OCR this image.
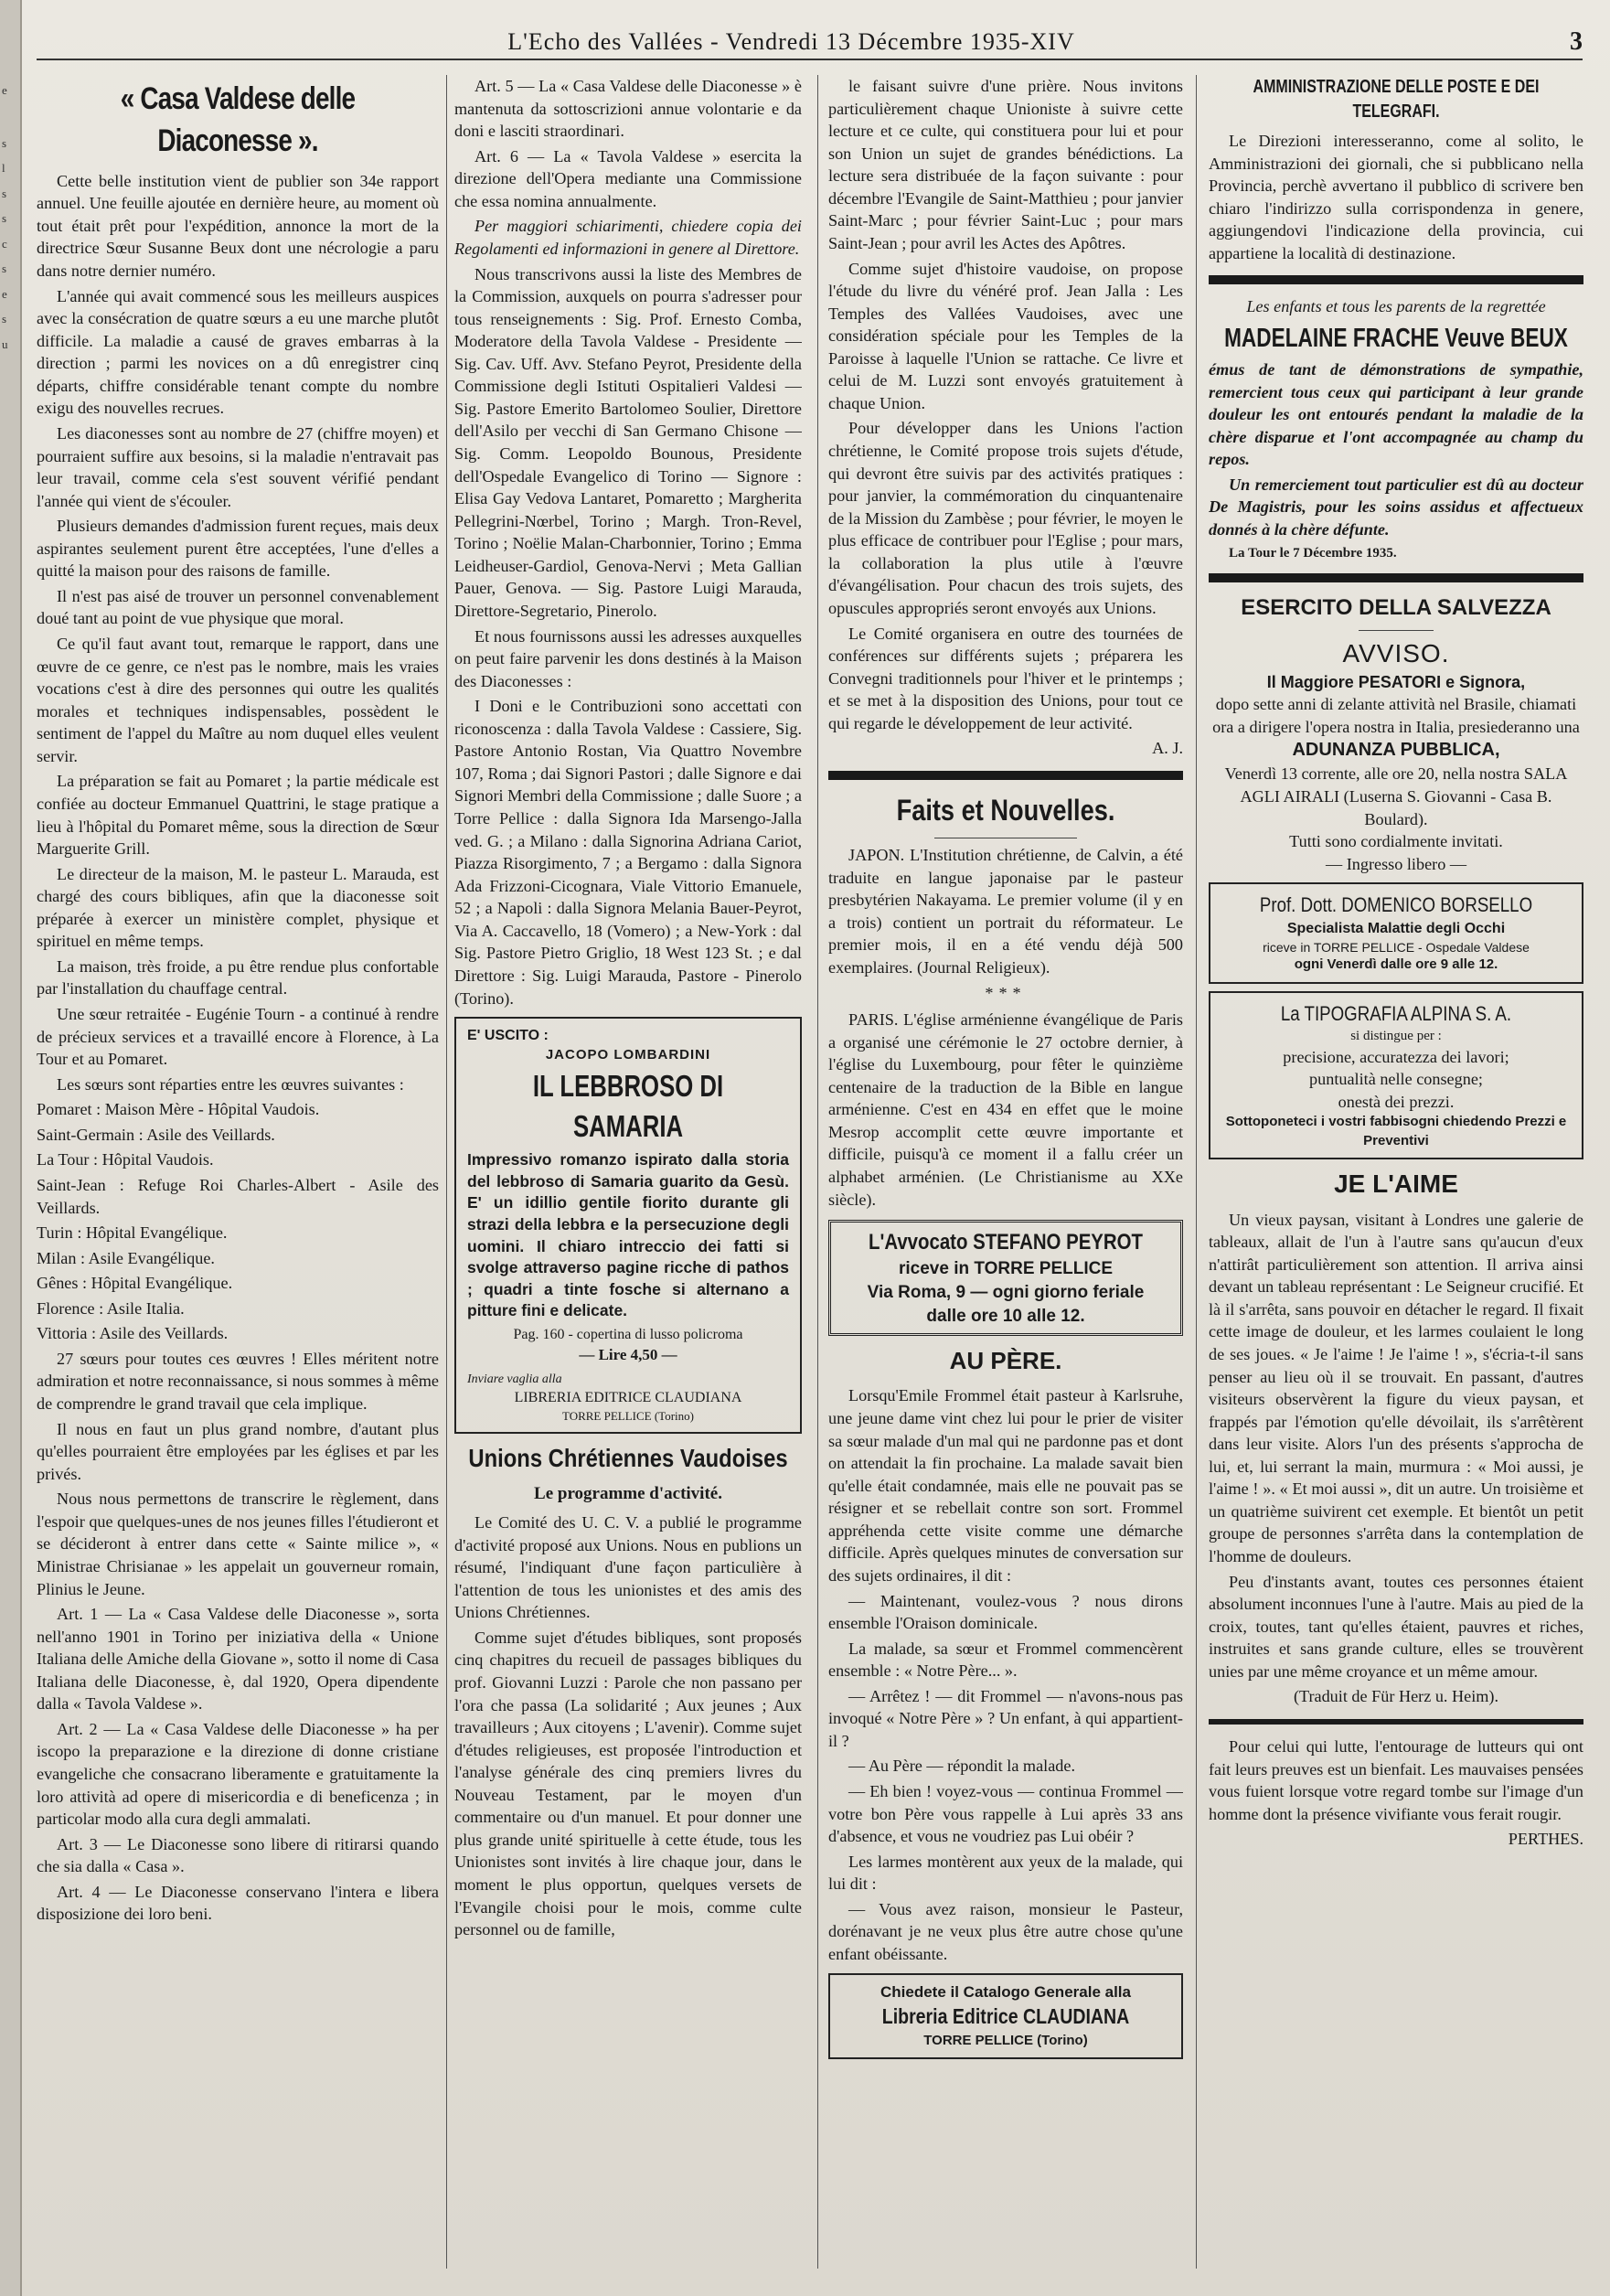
e
s
l
s
s
c
s
e
s
u
L'Echo des Vallées - Vendredi 13 Décembre 1935-XIV	3
« Casa Valdese delle Diaconesse ».

Cette belle institution vient de publier son 34e rapport annuel. Une feuille ajoutée en dernière heure, au moment où tout était prêt pour l'expédition, annonce la mort de la directrice Sœur Susanne Beux dont une nécrologie a paru dans notre dernier numéro.

L'année qui avait commencé sous les meilleurs auspices avec la consécration de quatre sœurs a eu une marche plutôt difficile. La maladie a causé de graves embarras à la direction ; parmi les novices on a dû enregistrer cinq départs, chiffre considérable tenant compte du nombre exigu des nouvelles recrues.

Les diaconesses sont au nombre de 27 (chiffre moyen) et pourraient suffire aux besoins, si la maladie n'entravait pas leur travail, comme cela s'est souvent vérifié pendant l'année qui vient de s'écouler.

Plusieurs demandes d'admission furent reçues, mais deux aspirantes seulement purent être acceptées, l'une d'elles a quitté la maison pour des raisons de famille.

Il n'est pas aisé de trouver un personnel convenablement doué tant au point de vue physique que moral.

Ce qu'il faut avant tout, remarque le rapport, dans une œuvre de ce genre, ce n'est pas le nombre, mais les vraies vocations c'est à dire des personnes qui outre les qualités morales et techniques indispensables, possèdent le sentiment de l'appel du Maître au nom duquel elles veulent servir.

La préparation se fait au Pomaret ; la partie médicale est confiée au docteur Emmanuel Quattrini, le stage pratique a lieu à l'hôpital du Pomaret même, sous la direction de Sœur Marguerite Grill.

Le directeur de la maison, M. le pasteur L. Marauda, est chargé des cours bibliques, afin que la diaconesse soit préparée à exercer un ministère complet, physique et spirituel en même temps.

La maison, très froide, a pu être rendue plus confortable par l'installation du chauffage central.

Une sœur retraitée - Eugénie Tourn - a continué à rendre de précieux services et a travaillé encore à Florence, à La Tour et au Pomaret.

Les sœurs sont réparties entre les œuvres suivantes :

Pomaret : Maison Mère - Hôpital Vaudois.

Saint-Germain : Asile des Veillards.

La Tour : Hôpital Vaudois.

Saint-Jean : Refuge Roi Charles-Albert - Asile des Veillards.

Turin : Hôpital Evangélique.

Milan : Asile Evangélique.

Gênes : Hôpital Evangélique.

Florence : Asile Italia.

Vittoria : Asile des Veillards.

27 sœurs pour toutes ces œuvres ! Elles méritent notre admiration et notre reconnaissance, si nous sommes à même de comprendre le grand travail que cela implique.

Il nous en faut un plus grand nombre, d'autant plus qu'elles pourraient être employées par les églises et par les privés.

Nous nous permettons de transcrire le règlement, dans l'espoir que quelques-unes de nos jeunes filles l'étudieront et se décideront à entrer dans cette « Sainte milice », « Ministrae Chrisianae » les appelait un gouverneur romain, Plinius le Jeune.

Art. 1 — La « Casa Valdese delle Diaconesse », sorta nell'anno 1901 in Torino per iniziativa della « Unione Italiana delle Amiche della Giovane », sotto il nome di Casa Italiana delle Diaconesse, è, dal 1920, Opera dipendente dalla « Tavola Valdese ».

Art. 2 — La « Casa Valdese delle Diaconesse » ha per iscopo la preparazione e la direzione di donne cristiane evangeliche che consacrano liberamente e gratuitamente la loro attività ad opere di misericordia e di beneficenza ; in particolar modo alla cura degli ammalati.

Art. 3 — Le Diaconesse sono libere di ritirarsi quando che sia dalla « Casa ».

Art. 4 — Le Diaconesse conservano l'intera e libera disposizione dei loro beni.

Art. 5 — La « Casa Valdese delle Diaconesse » è mantenuta da sottoscrizioni annue volontarie e da doni e lasciti straordinari.

Art. 6 — La « Tavola Valdese » esercita la direzione dell'Opera mediante una Commissione che essa nomina annualmente.

Per maggiori schiarimenti, chiedere copia dei Regolamenti ed informazioni in genere al Direttore.

Nous transcrivons aussi la liste des Membres de la Commission, auxquels on pourra s'adresser pour tous renseignements : Sig. Prof. Ernesto Comba, Moderatore della Tavola Valdese - Presidente — Sig. Cav. Uff. Avv. Stefano Peyrot, Presidente della Commissione degli Istituti Ospitalieri Valdesi — Sig. Pastore Emerito Bartolomeo Soulier, Direttore dell'Asilo per vecchi di San Germano Chisone — Sig. Comm. Leopoldo Bounous, Presidente dell'Ospedale Evangelico di Torino — Signore : Elisa Gay Vedova Lantaret, Pomaretto ; Margherita Pellegrini-Nœrbel, Torino ; Margh. Tron-Revel, Torino ; Noëlie Malan-Charbonnier, Torino ; Emma Leidheuser-Gardiol, Genova-Nervi ; Meta Gallian Pauer, Genova. — Sig. Pastore Luigi Marauda, Direttore-Segretario, Pinerolo.

Et nous fournissons aussi les adresses auxquelles on peut faire parvenir les dons destinés à la Maison des Diaconesses :

I Doni e le Contribuzioni sono accettati con riconoscenza : dalla Tavola Valdese : Cassiere, Sig. Pastore Antonio Rostan, Via Quattro Novembre 107, Roma ; dai Signori Pastori ; dalle Signore e dai Signori Membri della Commissione ; dalle Suore ; a Torre Pellice : dalla Signora Ida Marsengo-Jalla ved. G. ; a Milano : dalla Signorina Adriana Cariot, Piazza Risorgimento, 7 ; a Bergamo : dalla Signora Ada Frizzoni-Cicognara, Viale Vittorio Emanuele, 52 ; a Napoli : dalla Signora Melania Bauer-Peyrot, Via A. Caccavello, 18 (Vomero) ; a New-York : dal Sig. Pastore Pietro Griglio, 18 West 123 St. ; e dal Direttore : Sig. Luigi Marauda, Pastore - Pinerolo (Torino).

E' USCITO :
JACOPO LOMBARDINI
IL LEBBROSO DI SAMARIA

Impressivo romanzo ispirato dalla storia del lebbroso di Samaria guarito da Gesù. E' un idillio gentile fiorito durante gli strazi della lebbra e la persecuzione degli uomini. Il chiaro intreccio dei fatti si svolge attraverso pagine ricche di pathos ; quadri a tinte fosche si alternano a pitture fini e delicate.

Pag. 160 - copertina di lusso policroma
— Lire 4,50 —
Inviare vaglia alla
LIBRERIA EDITRICE CLAUDIANA
TORRE PELLICE (Torino)
Unions Chrétiennes Vaudoises
Le programme d'activité.

Le Comité des U. C. V. a publié le programme d'activité proposé aux Unions. Nous en publions un résumé, l'indiquant d'une façon particulière à l'attention de tous les unionistes et des amis des Unions Chrétiennes.

Comme sujet d'études bibliques, sont proposés cinq chapitres du recueil de passages bibliques du prof. Giovanni Luzzi : Parole che non passano per l'ora che passa (La solidarité ; Aux jeunes ; Aux travailleurs ; Aux citoyens ; L'avenir). Comme sujet d'études religieuses, est proposée l'introduction et l'analyse générale des cinq premiers livres du Nouveau Testament, par le moyen d'un commentaire ou d'un manuel. Et pour donner une plus grande unité spirituelle à cette étude, tous les Unionistes sont invités à lire chaque jour, dans le moment le plus opportun, quelques versets de l'Evangile choisi pour le mois, comme culte personnel ou de famille,

le faisant suivre d'une prière. Nous invitons particulièrement chaque Unioniste à suivre cette lecture et ce culte, qui constituera pour lui et pour son Union un sujet de grandes bénédictions. La lecture sera distribuée de la façon suivante : pour décembre l'Evangile de Saint-Matthieu ; pour janvier Saint-Marc ; pour février Saint-Luc ; pour mars Saint-Jean ; pour avril les Actes des Apôtres.

Comme sujet d'histoire vaudoise, on propose l'étude du livre du vénéré prof. Jean Jalla : Les Temples des Vallées Vaudoises, avec une considération spéciale pour les Temples de la Paroisse à laquelle l'Union se rattache. Ce livre et celui de M. Luzzi sont envoyés gratuitement à chaque Union.

Pour développer dans les Unions l'action chrétienne, le Comité propose trois sujets d'étude, qui devront être suivis par des activités pratiques : pour janvier, la commémoration du cinquantenaire de la Mission du Zambèse ; pour février, le moyen le plus efficace de contribuer pour l'Eglise ; pour mars, la collaboration la plus utile à l'œuvre d'évangélisation. Pour chacun des trois sujets, des opuscules appropriés seront envoyés aux Unions.

Le Comité organisera en outre des tournées de conférences sur différents sujets ; préparera les Convegni traditionnels pour l'hiver et le printemps ; et se met à la disposition des Unions, pour tout ce qui regarde le développement de leur activité.

A. J.
Faits et Nouvelles.

JAPON. L'Institution chrétienne, de Calvin, a été traduite en langue japonaise par le pasteur presbytérien Nakayama. Le premier volume (il y en a trois) contient un portrait du réformateur. Le premier mois, il en a été vendu déjà 500 exemplaires. (Journal Religieux).

***

PARIS. L'église arménienne évangélique de Paris a organisé une cérémonie le 27 octobre dernier, à l'église du Luxembourg, pour fêter le quinzième centenaire de la traduction de la Bible en langue arménienne. C'est en 434 en effet que le moine Mesrop accomplit cette œuvre importante et difficile, puisqu'à ce moment il a fallu créer un alphabet arménien. (Le Christianisme au XXe siècle).

L'Avvocato STEFANO PEYROT
riceve in TORRE PELLICE
Via Roma, 9 — ogni giorno feriale
dalle ore 10 alle 12.
AU PÈRE.

Lorsqu'Emile Frommel était pasteur à Karlsruhe, une jeune dame vint chez lui pour le prier de visiter sa sœur malade d'un mal qui ne pardonne pas et dont on attendait la fin prochaine. La malade savait bien qu'elle était condamnée, mais elle ne pouvait pas se résigner et se rebellait contre son sort. Frommel appréhenda cette visite comme une démarche difficile. Après quelques minutes de conversation sur des sujets ordinaires, il dit :

— Maintenant, voulez-vous ? nous dirons ensemble l'Oraison dominicale.

La malade, sa sœur et Frommel commencèrent ensemble : « Notre Père... ».

— Arrêtez ! — dit Frommel — n'avons-nous pas invoqué « Notre Père » ? Un enfant, à qui appartient-il ?

— Au Père — répondit la malade.

— Eh bien ! voyez-vous — continua Frommel — votre bon Père vous rappelle à Lui après 33 ans d'absence, et vous ne voudriez pas Lui obéir ?

Les larmes montèrent aux yeux de la malade, qui lui dit :

— Vous avez raison, monsieur le Pasteur, dorénavant je ne veux plus être autre chose qu'une enfant obéissante.

Chiedete il Catalogo Generale alla
Libreria Editrice CLAUDIANA
TORRE PELLICE (Torino)
AMMINISTRAZIONE DELLE POSTE E DEI TELEGRAFI.

Le Direzioni interesseranno, come al solito, le Amministrazioni dei giornali, che si pubblicano nella Provincia, perchè avvertano il pubblico di scrivere ben chiaro l'indirizzo sulla corrispondenza in genere, aggiungendovi l'indicazione della provincia, cui appartiene la località di destinazione.

Les enfants et tous les parents de la regrettée

MADELAINE FRACHE Veuve BEUX

émus de tant de démonstrations de sympathie, remercient tous ceux qui participant à leur grande douleur les ont entourés pendant la maladie de la chère disparue et l'ont accompagnée au champ du repos.

Un remerciement tout particulier est dû au docteur De Magistris, pour les soins assidus et affectueux donnés à la chère défunte.

La Tour le 7 Décembre 1935.

ESERCITO DELLA SALVEZZA
AVVISO.
Il Maggiore PESATORI e Signora,
dopo sette anni di zelante attività nel Brasile, chiamati ora a dirigere l'opera nostra in Italia, presiederanno una
ADUNANZA PUBBLICA,
Venerdì 13 corrente, alle ore 20, nella nostra SALA AGLI AIRALI (Luserna S. Giovanni - Casa B. Boulard).
Tutti sono cordialmente invitati.
— Ingresso libero —
Prof. Dott. DOMENICO BORSELLO
Specialista Malattie degli Occhi
riceve in TORRE PELLICE - Ospedale Valdese
ogni Venerdì dalle ore 9 alle 12.
La TIPOGRAFIA ALPINA S. A.
si distingue per :
precisione, accuratezza dei lavori;
puntualità nelle consegne;
onestà dei prezzi.
Sottoponeteci i vostri fabbisogni chiedendo Prezzi e Preventivi
JE L'AIME

Un vieux paysan, visitant à Londres une galerie de tableaux, allait de l'un à l'autre sans qu'aucun d'eux n'attirât particulièrement son attention. Il arriva ainsi devant un tableau représentant : Le Seigneur crucifié. Et là il s'arrêta, sans pouvoir en détacher le regard. Il fixait cette image de douleur, et les larmes coulaient le long de ses joues. « Je l'aime ! Je l'aime ! », s'écria-t-il sans penser au lieu où il se trouvait. En passant, d'autres visiteurs observèrent la figure du vieux paysan, et frappés par l'émotion qu'elle dévoilait, ils s'arrêtèrent dans leur visite. Alors l'un des présents s'approcha de lui, et, lui serrant la main, murmura : « Moi aussi, je l'aime ! ». « Et moi aussi », dit un autre. Un troisième et un quatrième suivirent cet exemple. Et bientôt un petit groupe de personnes s'arrêta dans la contemplation de l'homme de douleurs.

Peu d'instants avant, toutes ces personnes étaient absolument inconnues l'une à l'autre. Mais au pied de la croix, toutes, tant qu'elles étaient, pauvres et riches, instruites et sans grande culture, elles se trouvèrent unies par une même croyance et un même amour.

(Traduit de Für Herz u. Heim).

Pour celui qui lutte, l'entourage de lutteurs qui ont fait leurs preuves est un bienfait. Les mauvaises pensées vous fuient lorsque votre regard tombe sur l'image d'un homme dont la présence vivifiante vous ferait rougir.

PERTHES.
